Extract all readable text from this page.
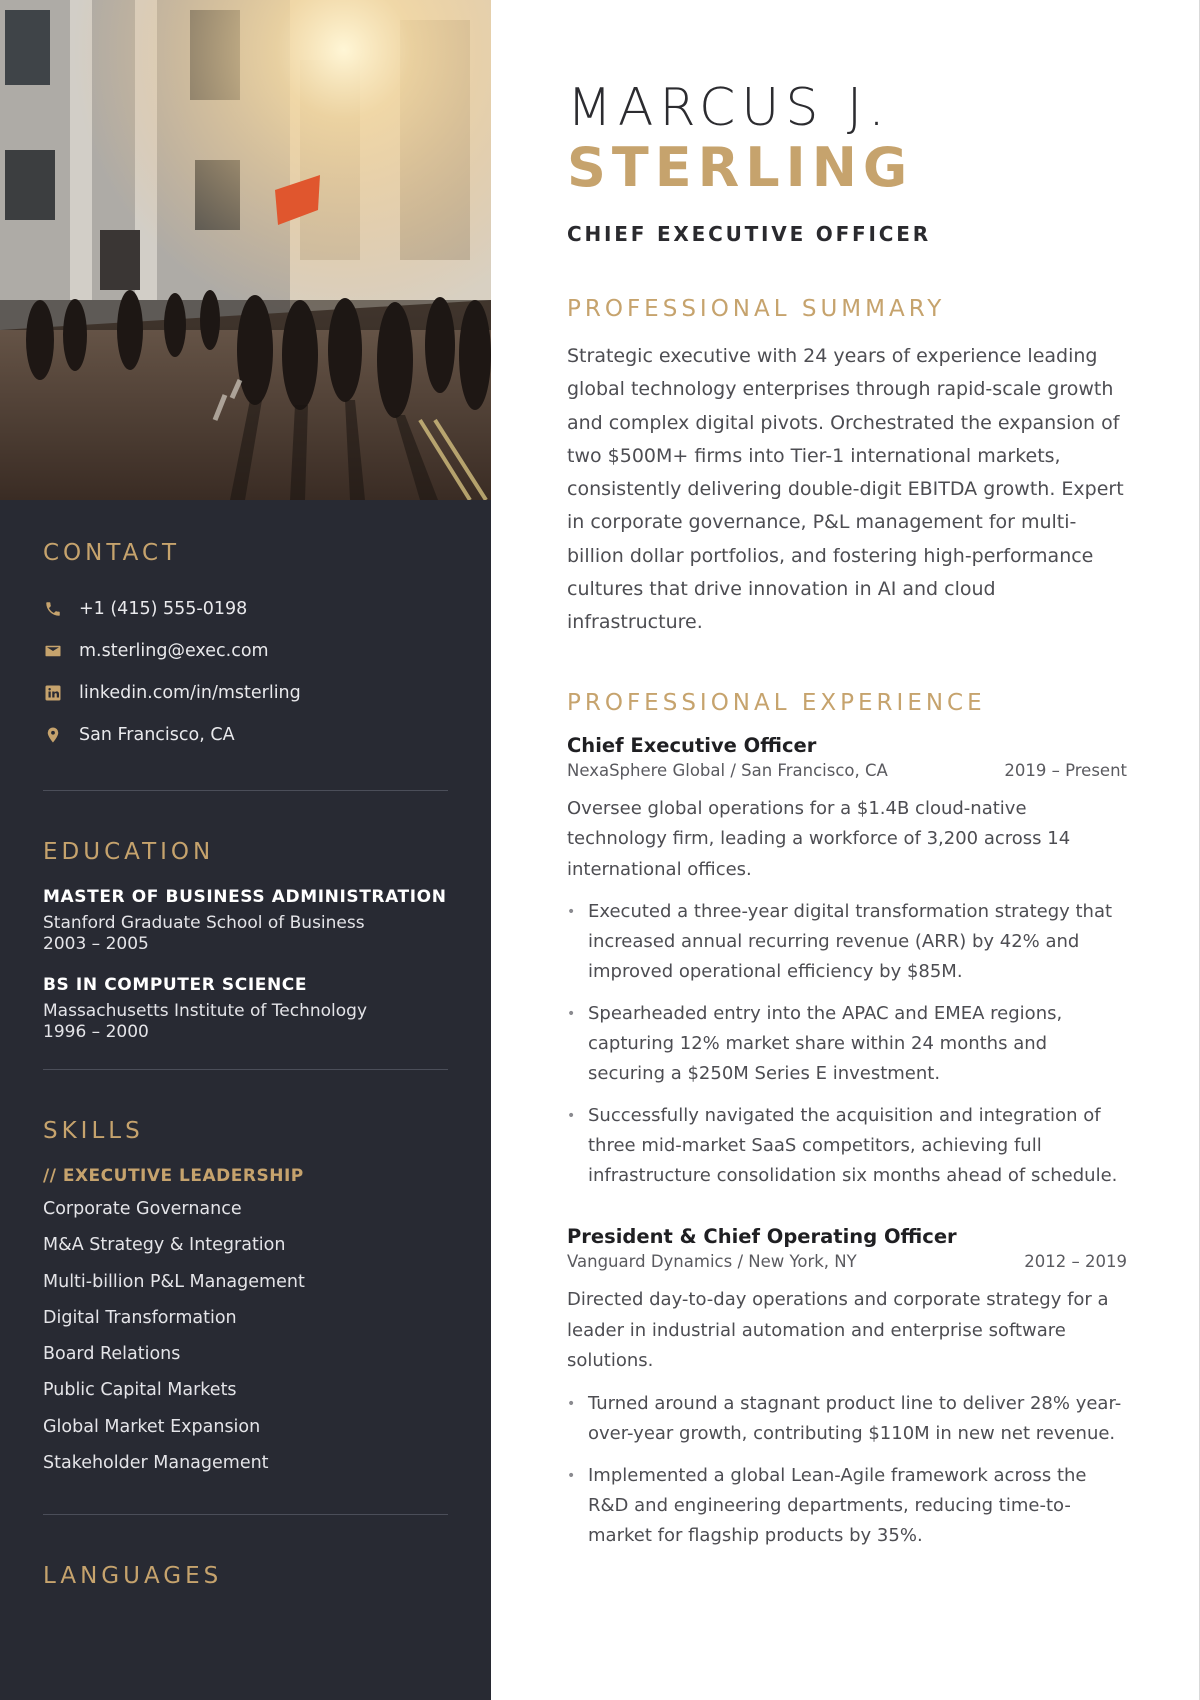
CONTACT
+1 (415) 555-0198
m.sterling@exec.com
linkedin.com/in/msterling
San Francisco, CA
EDUCATION
MASTER OF BUSINESS ADMINISTRATION
Stanford Graduate School of Business
2003 – 2005
BS IN COMPUTER SCIENCE
Massachusetts Institute of Technology
1996 – 2000
SKILLS
// EXECUTIVE LEADERSHIP
Corporate Governance
M&A Strategy & Integration
Multi-billion P&L Management
Digital Transformation
Board Relations
Public Capital Markets
Global Market Expansion
Stakeholder Management
LANGUAGES
MARCUS J.
STERLING
CHIEF EXECUTIVE OFFICER
PROFESSIONAL SUMMARY

Strategic executive with 24 years of experience leading global technology enterprises through rapid-scale growth and complex digital pivots. Orchestrated the expansion of two $500M+ firms into Tier-1 international markets, consistently delivering double-digit EBITDA growth. Expert in corporate governance, P&L management for multi-billion dollar portfolios, and fostering high-performance cultures that drive innovation in AI and cloud infrastructure.

PROFESSIONAL EXPERIENCE
Chief Executive Officer
NexaSphere Global / San Francisco, CA	2019 – Present

Oversee global operations for a $1.4B cloud-native technology firm, leading a workforce of 3,200 across 14 international offices.

• Executed a three-year digital transformation strategy that increased annual recurring revenue (ARR) by 42% and improved operational efficiency by $85M.
• Spearheaded entry into the APAC and EMEA regions, capturing 12% market share within 24 months and securing a $250M Series E investment.
• Successfully navigated the acquisition and integration of three mid-market SaaS competitors, achieving full infrastructure consolidation six months ahead of schedule.
President & Chief Operating Officer
Vanguard Dynamics / New York, NY	2012 – 2019

Directed day-to-day operations and corporate strategy for a leader in industrial automation and enterprise software solutions.

• Turned around a stagnant product line to deliver 28% year-over-year growth, contributing $110M in new net revenue.
• Implemented a global Lean-Agile framework across the R&D and engineering departments, reducing time-to-market for flagship products by 35%.
